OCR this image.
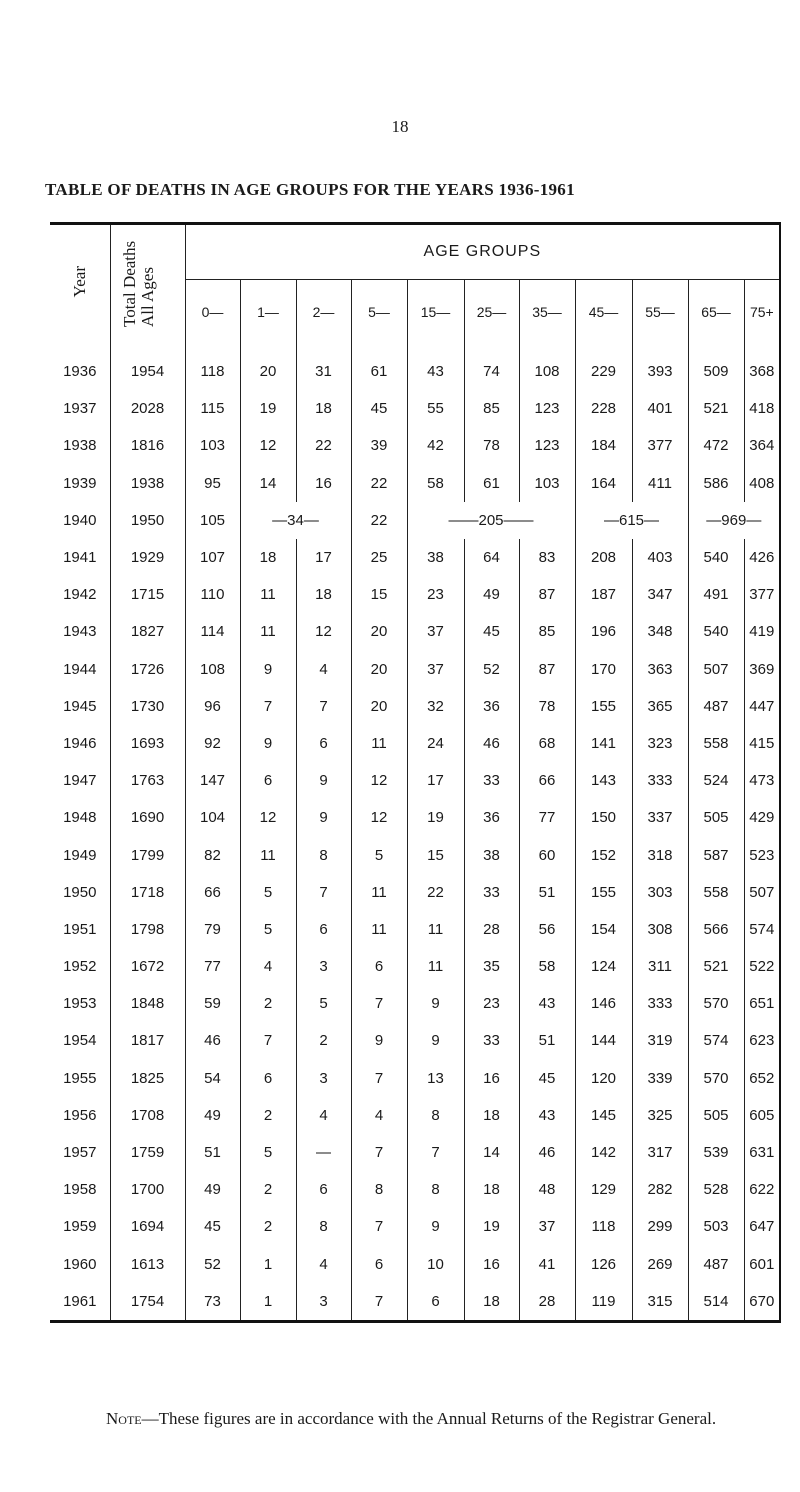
18
TABLE OF DEATHS IN AGE GROUPS FOR THE YEARS 1936-1961
Year	Total Deaths All Ages	AGE GROUPS										
		0—	1—	2—	5—	15—	25—	35—	45—	55—	65—	75+
1936	1954	118	20	31	61	43	74	108	229	393	509	368
1937	2028	115	19	18	45	55	85	123	228	401	521	418
1938	1816	103	12	22	39	42	78	123	184	377	472	364
1939	1938	95	14	16	22	58	61	103	164	411	586	408
1940	1950	105	—34—		22	——205——			—615—		—969—	
1941	1929	107	18	17	25	38	64	83	208	403	540	426
1942	1715	110	11	18	15	23	49	87	187	347	491	377
1943	1827	114	11	12	20	37	45	85	196	348	540	419
1944	1726	108	9	4	20	37	52	87	170	363	507	369
1945	1730	96	7	7	20	32	36	78	155	365	487	447
1946	1693	92	9	6	11	24	46	68	141	323	558	415
1947	1763	147	6	9	12	17	33	66	143	333	524	473
1948	1690	104	12	9	12	19	36	77	150	337	505	429
1949	1799	82	11	8	5	15	38	60	152	318	587	523
1950	1718	66	5	7	11	22	33	51	155	303	558	507
1951	1798	79	5	6	11	11	28	56	154	308	566	574
1952	1672	77	4	3	6	11	35	58	124	311	521	522
1953	1848	59	2	5	7	9	23	43	146	333	570	651
1954	1817	46	7	2	9	9	33	51	144	319	574	623
1955	1825	54	6	3	7	13	16	45	120	339	570	652
1956	1708	49	2	4	4	8	18	43	145	325	505	605
1957	1759	51	5	—	7	7	14	46	142	317	539	631
1958	1700	49	2	6	8	8	18	48	129	282	528	622
1959	1694	45	2	8	7	9	19	37	118	299	503	647
1960	1613	52	1	4	6	10	16	41	126	269	487	601
1961	1754	73	1	3	7	6	18	28	119	315	514	670
Note—These figures are in accordance with the Annual Returns of the Registrar General.
